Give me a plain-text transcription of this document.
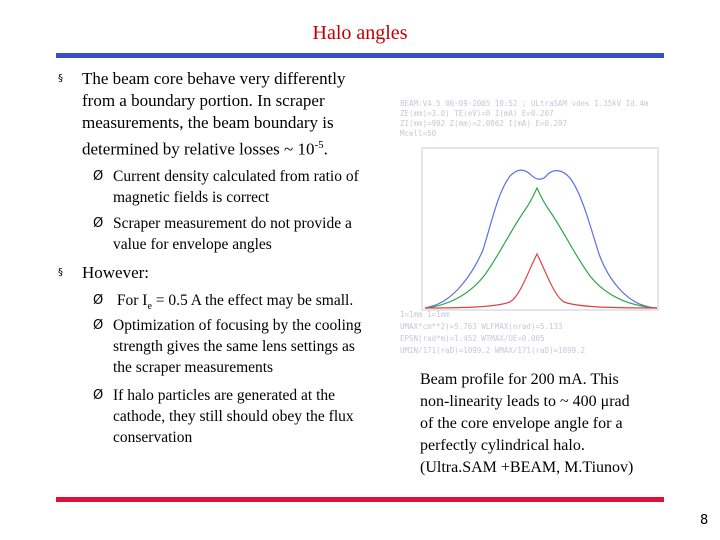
Halo angles
§ The beam core behave very differently
from a boundary portion. In scraper
measurements, the beam boundary is
determined by relative losses ~ $10^{-5}$.
Ø Current density calculated from ratio of
magnetic fields is correct
Ø Scraper measurement do not provide a
value for envelope angles
§ However:
Ø For $I_e = 0.5$ A the effect may be small.
Ø Optimization of focusing by the cooling
strength gives the same lens settings as
the scraper measurements
Ø If halo particles are generated at the
cathode, they still should obey the flux
conservation
BEAM:V4.5 06-09-2005 10:52 ; ULtraSAM vdes 1.35kV Id.4m
ZE(mm)=3.0) TE(eV)=0 I(mA) E=0.207
ZI(mm)=902 Z(mm)=2.0862 I(mA) E=0.207
Mcell=50
1=1mm 1=1mm
UMAX*cm**2)=5.763 WLFMAX(nrad)=5.133
EPSN(rad*m)=1.452 WTMAX/UE=0.005
UMIN/171(raD)=1099.2 WMAX/171(raD)=1099.2
Beam profile for 200 mA. This
non-linearity leads to ~ 400 μrad
of the core envelope angle for a
perfectly cylindrical halo.
(Ultra.SAM +BEAM, M.Tiunov)
8
